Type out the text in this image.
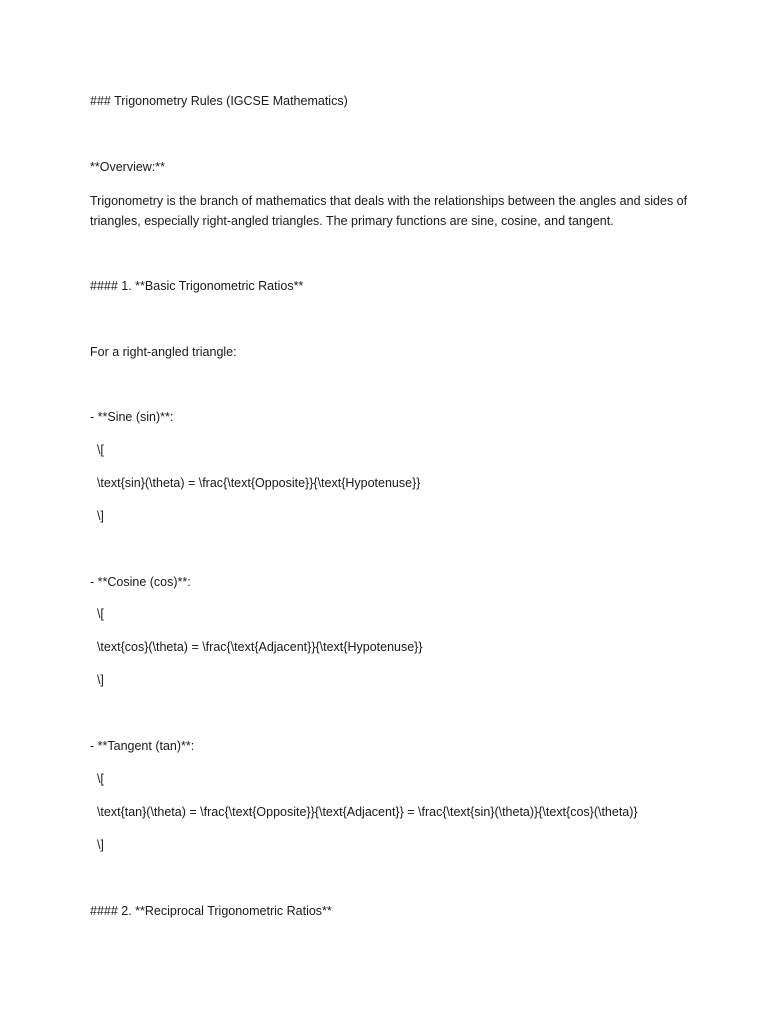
### Trigonometry Rules (IGCSE Mathematics)
**Overview:**
Trigonometry is the branch of mathematics that deals with the relationships between the angles and sides of triangles, especially right-angled triangles. The primary functions are sine, cosine, and tangent.
#### 1. **Basic Trigonometric Ratios**
For a right-angled triangle:
- **Sine (sin)**:
\[
\text{sin}(\theta) = \frac{\text{Opposite}}{\text{Hypotenuse}}
\]
- **Cosine (cos)**:
\[
\text{cos}(\theta) = \frac{\text{Adjacent}}{\text{Hypotenuse}}
\]
- **Tangent (tan)**:
\[
\text{tan}(\theta) = \frac{\text{Opposite}}{\text{Adjacent}} = \frac{\text{sin}(\theta)}{\text{cos}(\theta)}
\]
#### 2. **Reciprocal Trigonometric Ratios**
